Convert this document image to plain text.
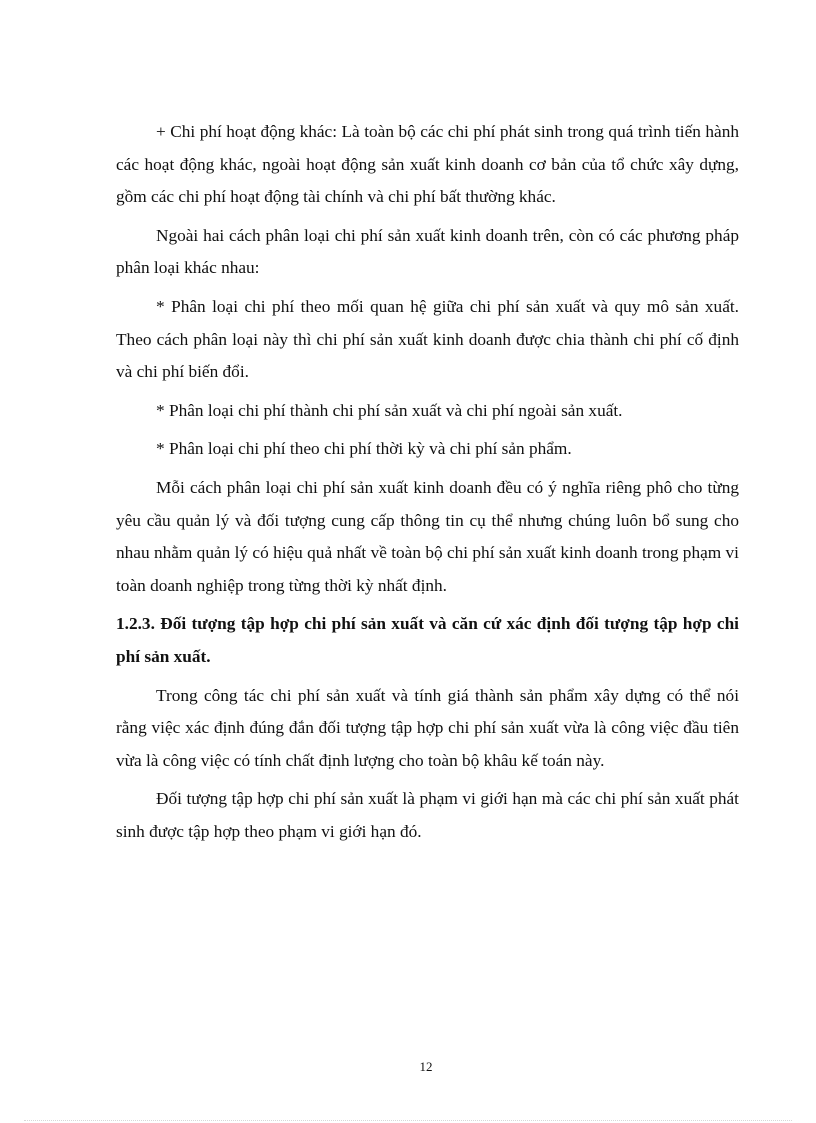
+ Chi phí hoạt động khác: Là toàn bộ các chi phí phát sinh trong quá trình tiến hành các hoạt động khác, ngoài hoạt động sản xuất kinh doanh cơ bản của tổ chức xây dựng, gồm các chi phí hoạt động tài chính và chi phí bất thường khác.

Ngoài hai cách phân loại chi phí sản xuất kinh doanh trên, còn có các phương pháp phân loại khác nhau:

* Phân loại chi phí theo mối quan hệ giữa chi phí sản xuất và quy mô sản xuất. Theo cách phân loại này thì chi phí sản xuất kinh doanh được chia thành chi phí cố định và chi phí biến đổi.

* Phân loại chi phí thành chi phí sản xuất và chi phí ngoài sản xuất.

* Phân loại chi phí theo chi phí thời kỳ và chi phí sản phẩm.

Mỗi cách phân loại chi phí sản xuất kinh doanh đều có ý nghĩa riêng phô cho từng yêu cầu quản lý và đối tượng cung cấp thông tin cụ thể nhưng chúng luôn bổ sung cho nhau nhằm quản lý có hiệu quả nhất về toàn bộ chi phí sản xuất kinh doanh trong phạm vi toàn doanh nghiệp trong từng thời kỳ nhất định.

1.2.3. Đối tượng tập hợp chi phí sản xuất và căn cứ xác định đối tượng tập hợp chi phí sản xuất.

Trong công tác chi phí sản xuất và tính giá thành sản phẩm xây dựng có thể nói rằng việc xác định đúng đắn đối tượng tập hợp chi phí sản xuất vừa là công việc đầu tiên vừa là công việc có tính chất định lượng cho toàn bộ khâu kế toán này.

Đối tượng tập hợp chi phí sản xuất là phạm vi giới hạn mà các chi phí sản xuất phát sinh được tập hợp theo phạm vi giới hạn đó.

12
